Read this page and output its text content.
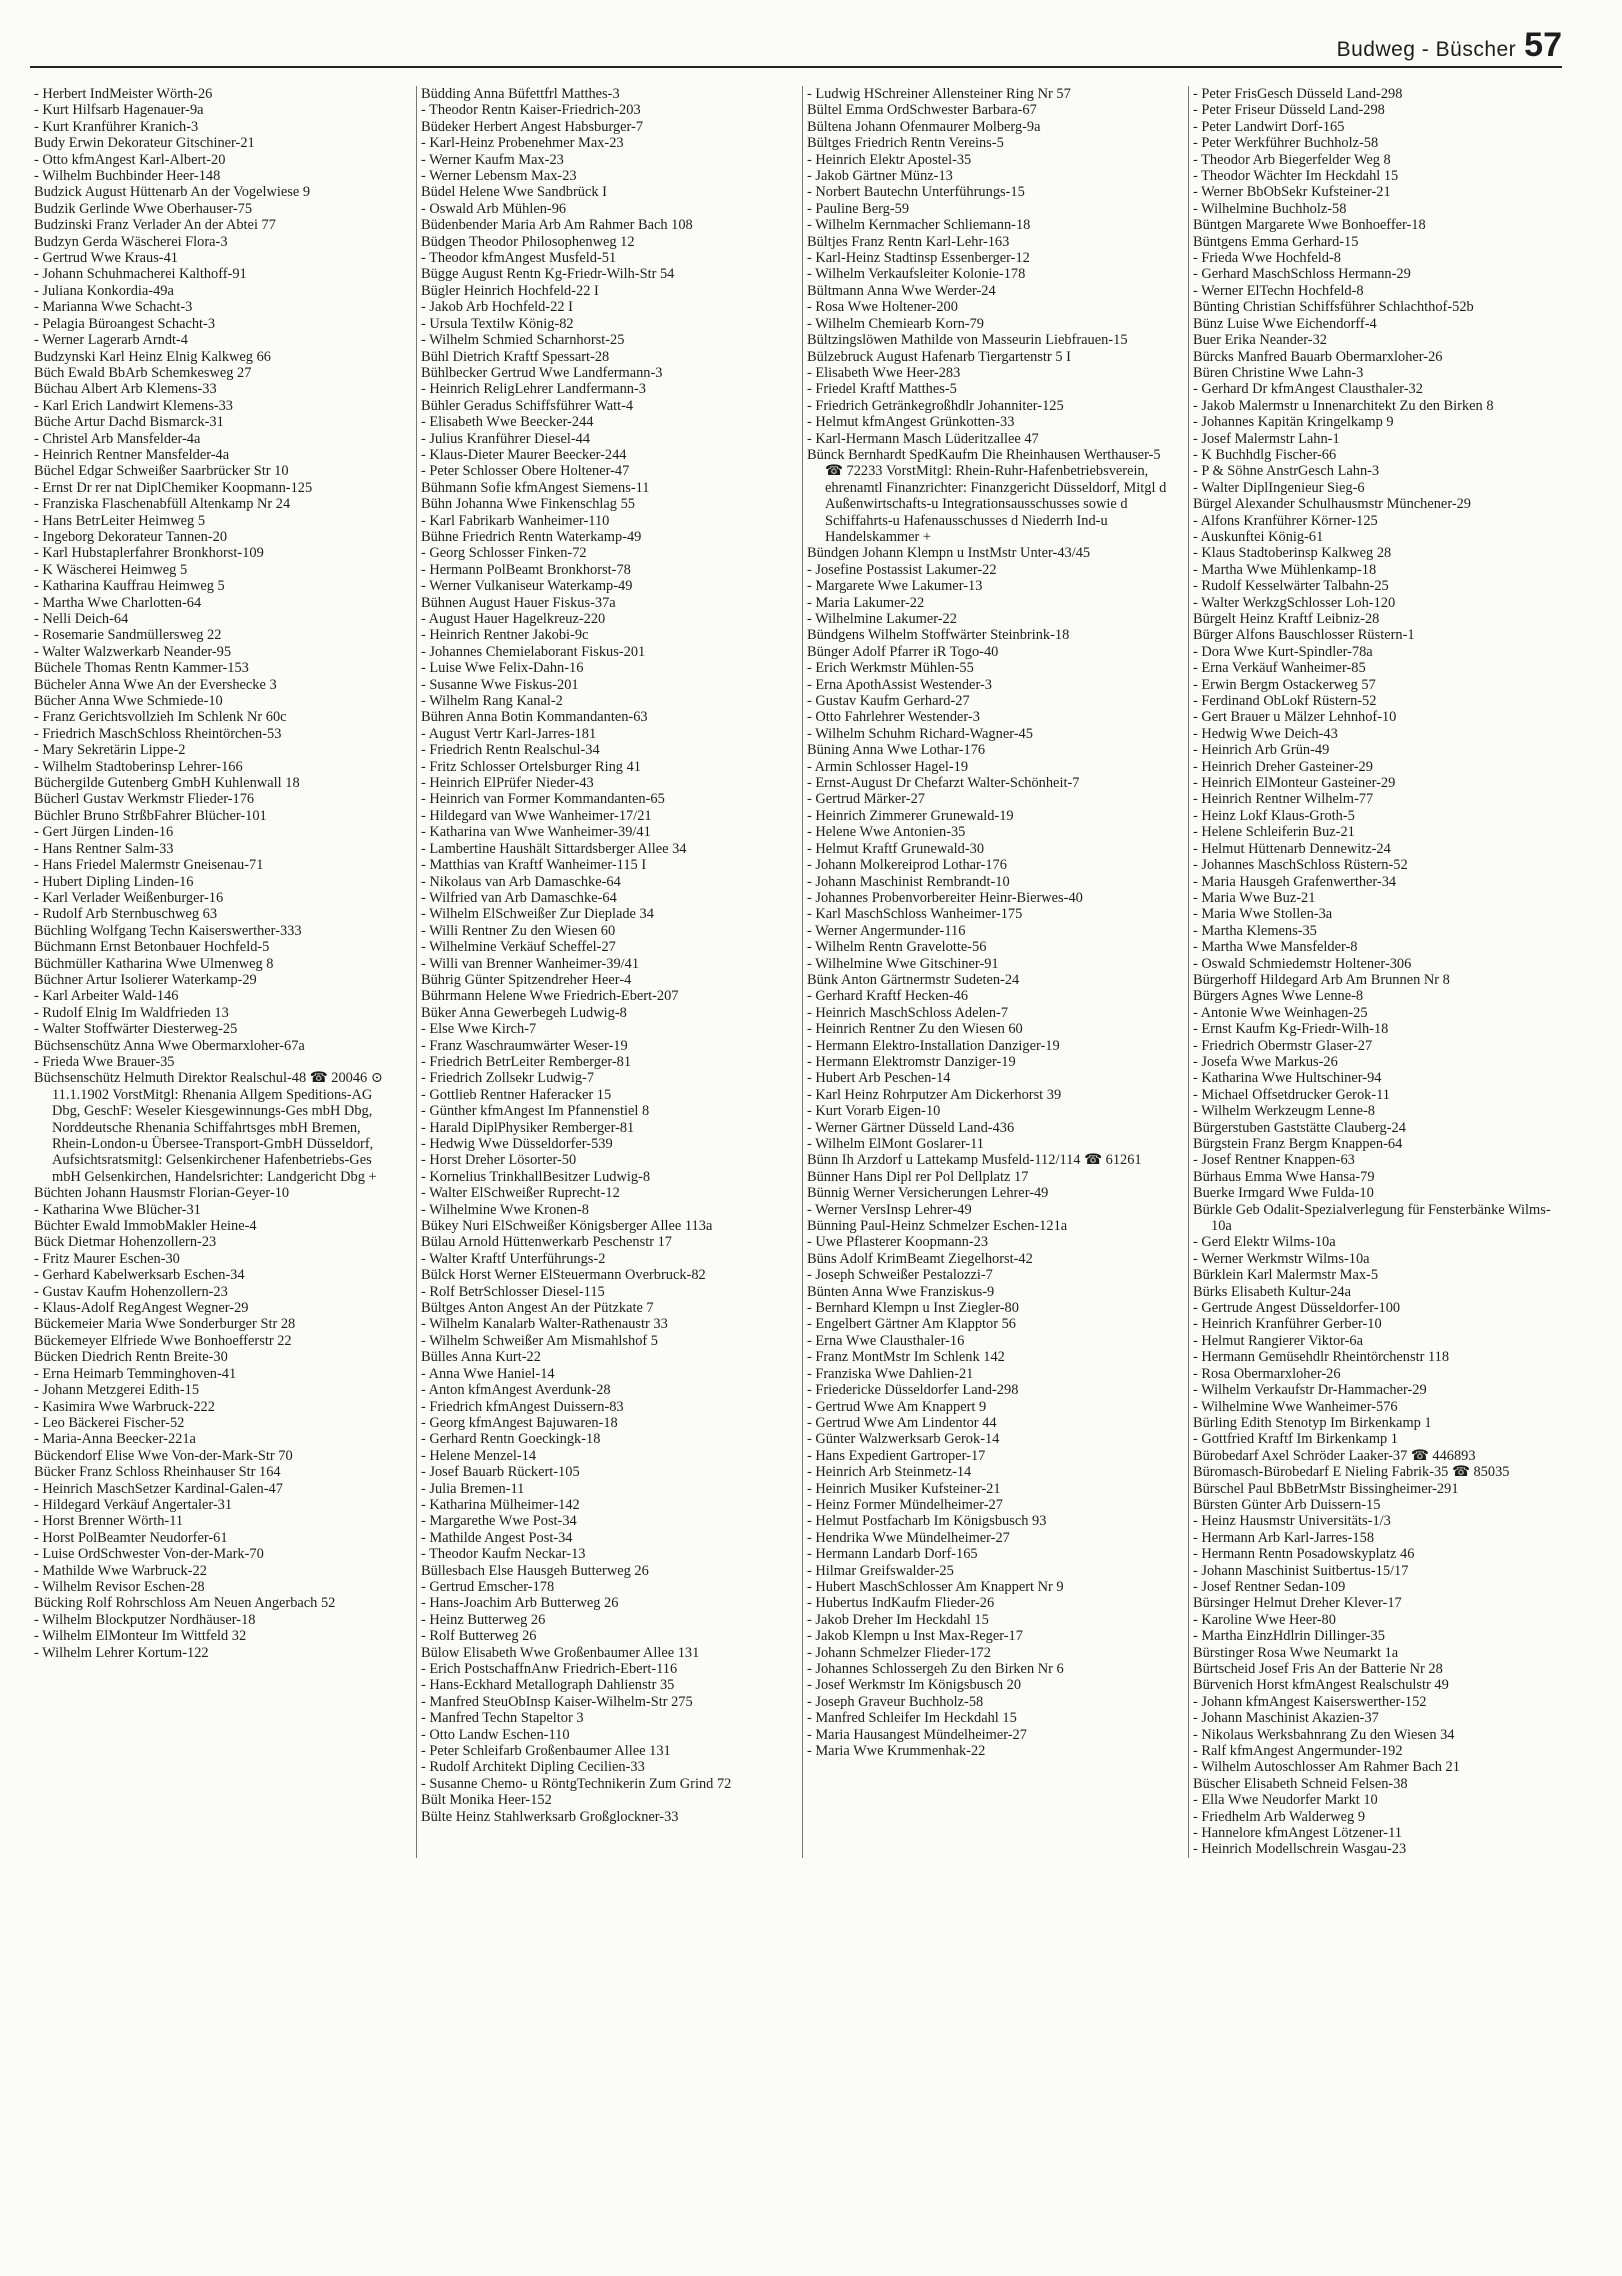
Budweg - Büscher 57
- Herbert IndMeister Wörth-26
- Kurt Hilfsarb Hagenauer-9a
- Kurt Kranführer Kranich-3
Budy Erwin Dekorateur Gitschiner-21
- Otto kfmAngest Karl-Albert-20
- Wilhelm Buchbinder Heer-148
Budzick August Hüttenarb An der Vogelwiese 9
Budzik Gerlinde Wwe Oberhauser-75
Budzinski Franz Verlader An der Abtei 77
Budzyn Gerda Wäscherei Flora-3
- Gertrud Wwe Kraus-41
- Johann Schuhmacherei Kalthoff-91
- Juliana Konkordia-49a
- Marianna Wwe Schacht-3
- Pelagia Büroangest Schacht-3
- Werner Lagerarb Arndt-4
Budzynski Karl Heinz Elnig Kalkweg 66
Büch Ewald BbArb Schemkesweg 27
Büchau Albert Arb Klemens-33
- Karl Erich Landwirt Klemens-33
Büche Artur Dachd Bismarck-31
- Christel Arb Mansfelder-4a
- Heinrich Rentner Mansfelder-4a
Büchel Edgar Schweißer Saarbrücker Str 10
- Ernst Dr rer nat DiplChemiker Koopmann-125
- Franziska Flaschenabfüll Altenkamp Nr 24
- Hans BetrLeiter Heimweg 5
- Ingeborg Dekorateur Tannen-20
- Karl Hubstaplerfahrer Bronkhorst-109
- K Wäscherei Heimweg 5
- Katharina Kauffrau Heimweg 5
- Martha Wwe Charlotten-64
- Nelli Deich-64
- Rosemarie Sandmüllersweg 22
- Walter Walzwerkarb Neander-95
Büchele Thomas Rentn Kammer-153
Bücheler Anna Wwe An der Evershecke 3
Bücher Anna Wwe Schmiede-10
- Franz Gerichtsvollzieh Im Schlenk Nr 60c
- Friedrich MaschSchloss Rheintörchen-53
- Mary Sekretärin Lippe-2
- Wilhelm Stadtoberinsp Lehrer-166
Büchergilde Gutenberg GmbH Kuhlenwall 18
Bücherl Gustav Werkmstr Flieder-176
Büchler Bruno StrßbFahrer Blücher-101
- Gert Jürgen Linden-16
- Hans Rentner Salm-33
- Hans Friedel Malermstr Gneisenau-71
- Hubert Dipling Linden-16
- Karl Verlader Weißenburger-16
- Rudolf Arb Sternbuschweg 63
Büchling Wolfgang Techn Kaiserswerther-333
Büchmann Ernst Betonbauer Hochfeld-5
Büchmüller Katharina Wwe Ulmenweg 8
Büchner Artur Isolierer Waterkamp-29
- Karl Arbeiter Wald-146
- Rudolf Elnig Im Waldfrieden 13
- Walter Stoffwärter Diesterweg-25
Büchsenschütz Anna Wwe Obermarxloher-67a
- Frieda Wwe Brauer-35
Büchsenschütz Helmuth Direktor Realschul-48 ☎ 20046 ⊙ 11.1.1902 VorstMitgl: Rhenania Allgem Speditions-AG Dbg, GeschF: Weseler Kiesgewinnungs-Ges mbH Dbg, Norddeutsche Rhenania Schiffahrtsges mbH Bremen, Rhein-London-u Übersee-Transport-GmbH Düsseldorf, Aufsichtsratsmitgl: Gelsenkirchener Hafenbetriebs-Ges mbH Gelsenkirchen, Handelsrichter: Landgericht Dbg +
Büchten Johann Hausmstr Florian-Geyer-10
- Katharina Wwe Blücher-31
Büchter Ewald ImmobMakler Heine-4
Bück Dietmar Hohenzollern-23
- Fritz Maurer Eschen-30
- Gerhard Kabelwerksarb Eschen-34
- Gustav Kaufm Hohenzollern-23
- Klaus-Adolf RegAngest Wegner-29
Bückemeier Maria Wwe Sonderburger Str 28
Bückemeyer Elfriede Wwe Bonhoefferstr 22
Bücken Diedrich Rentn Breite-30
- Erna Heimarb Temminghoven-41
- Johann Metzgerei Edith-15
- Kasimira Wwe Warbruck-222
- Leo Bäckerei Fischer-52
- Maria-Anna Beecker-221a
Bückendorf Elise Wwe Von-der-Mark-Str 70
Bücker Franz Schloss Rheinhauser Str 164
- Heinrich MaschSetzer Kardinal-Galen-47
- Hildegard Verkäuf Angertaler-31
- Horst Brenner Wörth-11
- Horst PolBeamter Neudorfer-61
- Luise OrdSchwester Von-der-Mark-70
- Mathilde Wwe Warbruck-22
- Wilhelm Revisor Eschen-28
Bücking Rolf Rohrschloss Am Neuen Angerbach 52
- Wilhelm Blockputzer Nordhäuser-18
- Wilhelm ElMonteur Im Wittfeld 32
- Wilhelm Lehrer Kortum-122
Büdding Anna Büfettfrl Matthes-3
- Theodor Rentn Kaiser-Friedrich-203
Büdeker Herbert Angest Habsburger-7
- Karl-Heinz Probenehmer Max-23
- Werner Kaufm Max-23
- Werner Lebensm Max-23
Büdel Helene Wwe Sandbrück I
- Oswald Arb Mühlen-96
Büdenbender Maria Arb Am Rahmer Bach 108
Büdgen Theodor Philosophenweg 12
- Theodor kfmAngest Musfeld-51
Bügge August Rentn Kg-Friedr-Wilh-Str 54
Bügler Heinrich Hochfeld-22 I
- Jakob Arb Hochfeld-22 I
- Ursula Textilw König-82
- Wilhelm Schmied Scharnhorst-25
Bühl Dietrich Kraftf Spessart-28
Bühlbecker Gertrud Wwe Landfermann-3
- Heinrich ReligLehrer Landfermann-3
Bühler Geradus Schiffsführer Watt-4
- Elisabeth Wwe Beecker-244
- Julius Kranführer Diesel-44
- Klaus-Dieter Maurer Beecker-244
- Peter Schlosser Obere Holtener-47
Bühmann Sofie kfmAngest Siemens-11
Bühn Johanna Wwe Finkenschlag 55
- Karl Fabrikarb Wanheimer-110
Bühne Friedrich Rentn Waterkamp-49
- Georg Schlosser Finken-72
- Hermann PolBeamt Bronkhorst-78
- Werner Vulkaniseur Waterkamp-49
Bühnen August Hauer Fiskus-37a
- August Hauer Hagelkreuz-220
- Heinrich Rentner Jakobi-9c
- Johannes Chemielaborant Fiskus-201
- Luise Wwe Felix-Dahn-16
- Susanne Wwe Fiskus-201
- Wilhelm Rang Kanal-2
Bühren Anna Botin Kommandanten-63
- August Vertr Karl-Jarres-181
- Friedrich Rentn Realschul-34
- Fritz Schlosser Ortelsburger Ring 41
- Heinrich ElPrüfer Nieder-43
- Heinrich van Former Kommandanten-65
- Hildegard van Wwe Wanheimer-17/21
- Katharina van Wwe Wanheimer-39/41
- Lambertine Haushält Sittardsberger Allee 34
- Matthias van Kraftf Wanheimer-115 I
- Nikolaus van Arb Damaschke-64
- Wilfried van Arb Damaschke-64
- Wilhelm ElSchweißer Zur Dieplade 34
- Willi Rentner Zu den Wiesen 60
- Wilhelmine Verkäuf Scheffel-27
- Willi van Brenner Wanheimer-39/41
Bührig Günter Spitzendreher Heer-4
Bührmann Helene Wwe Friedrich-Ebert-207
Büker Anna Gewerbegeh Ludwig-8
- Else Wwe Kirch-7
- Franz Waschraumwärter Weser-19
- Friedrich BetrLeiter Remberger-81
- Friedrich Zollsekr Ludwig-7
- Gottlieb Rentner Haferacker 15
- Günther kfmAngest Im Pfannenstiel 8
- Harald DiplPhysiker Remberger-81
- Hedwig Wwe Düsseldorfer-539
- Horst Dreher Lösorter-50
- Kornelius TrinkhallBesitzer Ludwig-8
- Walter ElSchweißer Ruprecht-12
- Wilhelmine Wwe Kronen-8
Bükey Nuri ElSchweißer Königsberger Allee 113a
Bülau Arnold Hüttenwerkarb Peschenstr 17
- Walter Kraftf Unterführungs-2
Bülck Horst Werner ElSteuermann Overbruck-82
- Rolf BetrSchlosser Diesel-115
Bültges Anton Angest An der Pützkate 7
- Wilhelm Kanalarb Walter-Rathenaustr 33
- Wilhelm Schweißer Am Mismahlshof 5
Bülles Anna Kurt-22
- Anna Wwe Haniel-14
- Anton kfmAngest Averdunk-28
- Friedrich kfmAngest Duissern-83
- Georg kfmAngest Bajuwaren-18
- Gerhard Rentn Goeckingk-18
- Helene Menzel-14
- Josef Bauarb Rückert-105
- Julia Bremen-11
- Katharina Mülheimer-142
- Margarethe Wwe Post-34
- Mathilde Angest Post-34
- Theodor Kaufm Neckar-13
Büllesbach Else Hausgeh Butterweg 26
- Gertrud Emscher-178
- Hans-Joachim Arb Butterweg 26
- Heinz Butterweg 26
- Rolf Butterweg 26
Bülow Elisabeth Wwe Großenbaumer Allee 131
- Erich PostschaffnAnw Friedrich-Ebert-116
- Hans-Eckhard Metallograph Dahlienstr 35
- Manfred SteuObInsp Kaiser-Wilhelm-Str 275
- Manfred Techn Stapeltor 3
- Otto Landw Eschen-110
- Peter Schleifarb Großenbaumer Allee 131
- Rudolf Architekt Dipling Cecilien-33
- Susanne Chemo- u RöntgTechnikerin Zum Grind 72
Bült Monika Heer-152
Bülte Heinz Stahlwerksarb Großglockner-33
- Ludwig HSchreiner Allensteiner Ring Nr 57
Bültel Emma OrdSchwester Barbara-67
Bültena Johann Ofenmaurer Molberg-9a
Bültges Friedrich Rentn Vereins-5
- Heinrich Elektr Apostel-35
- Jakob Gärtner Münz-13
- Norbert Bautechn Unterführungs-15
- Pauline Berg-59
- Wilhelm Kernmacher Schliemann-18
Bültjes Franz Rentn Karl-Lehr-163
- Karl-Heinz Stadtinsp Essenberger-12
- Wilhelm Verkaufsleiter Kolonie-178
Bültmann Anna Wwe Werder-24
- Rosa Wwe Holtener-200
- Wilhelm Chemiearb Korn-79
Bültzingslöwen Mathilde von Masseurin Liebfrauen-15
Bülzebruck August Hafenarb Tiergartenstr 5 I
- Elisabeth Wwe Heer-283
- Friedel Kraftf Matthes-5
- Friedrich Getränkegroßhdlr Johanniter-125
- Helmut kfmAngest Grünkotten-33
- Karl-Hermann Masch Lüderitzallee 47
Bünck Bernhardt SpedKaufm Die Rheinhausen Werthauser-5 ☎ 72233 VorstMitgl: Rhein-Ruhr-Hafenbetriebsverein, ehrenamtl Finanzrichter: Finanzgericht Düsseldorf, Mitgl d Außenwirtschafts-u Integrationsausschusses sowie d Schiffahrts-u Hafenausschusses d Niederrh Ind-u Handelskammer +
Bündgen Johann Klempn u InstMstr Unter-43/45
- Josefine Postassist Lakumer-22
- Margarete Wwe Lakumer-13
- Maria Lakumer-22
- Wilhelmine Lakumer-22
Bündgens Wilhelm Stoffwärter Steinbrink-18
Bünger Adolf Pfarrer iR Togo-40
- Erich Werkmstr Mühlen-55
- Erna ApothAssist Westender-3
- Gustav Kaufm Gerhard-27
- Otto Fahrlehrer Westender-3
- Wilhelm Schuhm Richard-Wagner-45
Büning Anna Wwe Lothar-176
- Armin Schlosser Hagel-19
- Ernst-August Dr Chefarzt Walter-Schönheit-7
- Gertrud Märker-27
- Heinrich Zimmerer Grunewald-19
- Helene Wwe Antonien-35
- Helmut Kraftf Grunewald-30
- Johann Molkereiprod Lothar-176
- Johann Maschinist Rembrandt-10
- Johannes Probenvorbereiter Heinr-Bierwes-40
- Karl MaschSchloss Wanheimer-175
- Werner Angermunder-116
- Wilhelm Rentn Gravelotte-56
- Wilhelmine Wwe Gitschiner-91
Bünk Anton Gärtnermstr Sudeten-24
- Gerhard Kraftf Hecken-46
- Heinrich MaschSchloss Adelen-7
- Heinrich Rentner Zu den Wiesen 60
- Hermann Elektro-Installation Danziger-19
- Hermann Elektromstr Danziger-19
- Hubert Arb Peschen-14
- Karl Heinz Rohrputzer Am Dickerhorst 39
- Kurt Vorarb Eigen-10
- Werner Gärtner Düsseld Land-436
- Wilhelm ElMont Goslarer-11
Bünn Ih Arzdorf u Lattekamp Musfeld-112/114 ☎ 61261
Bünner Hans Dipl rer Pol Dellplatz 17
Bünnig Werner Versicherungen Lehrer-49
- Werner VersInsp Lehrer-49
Bünning Paul-Heinz Schmelzer Eschen-121a
- Uwe Pflasterer Koopmann-23
Büns Adolf KrimBeamt Ziegelhorst-42
- Joseph Schweißer Pestalozzi-7
Bünten Anna Wwe Franziskus-9
- Bernhard Klempn u Inst Ziegler-80
- Engelbert Gärtner Am Klapptor 56
- Erna Wwe Clausthaler-16
- Franz MontMstr Im Schlenk 142
- Franziska Wwe Dahlien-21
- Friedericke Düsseldorfer Land-298
- Gertrud Wwe Am Knappert 9
- Gertrud Wwe Am Lindentor 44
- Günter Walzwerksarb Gerok-14
- Hans Expedient Gartroper-17
- Heinrich Arb Steinmetz-14
- Heinrich Musiker Kufsteiner-21
- Heinz Former Mündelheimer-27
- Helmut Postfacharb Im Königsbusch 93
- Hendrika Wwe Mündelheimer-27
- Hermann Landarb Dorf-165
- Hilmar Greifswalder-25
- Hubert MaschSchlosser Am Knappert Nr 9
- Hubertus IndKaufm Flieder-26
- Jakob Dreher Im Heckdahl 15
- Jakob Klempn u Inst Max-Reger-17
- Johann Schmelzer Flieder-172
- Johannes Schlossergeh Zu den Birken Nr 6
- Josef Werkmstr Im Königsbusch 20
- Joseph Graveur Buchholz-58
- Manfred Schleifer Im Heckdahl 15
- Maria Hausangest Mündelheimer-27
- Maria Wwe Krummenhak-22
- Peter FrisGesch Düsseld Land-298
- Peter Friseur Düsseld Land-298
- Peter Landwirt Dorf-165
- Peter Werkführer Buchholz-58
- Theodor Arb Biegerfelder Weg 8
- Theodor Wächter Im Heckdahl 15
- Werner BbObSekr Kufsteiner-21
- Wilhelmine Buchholz-58
Büntgen Margarete Wwe Bonhoeffer-18
Büntgens Emma Gerhard-15
- Frieda Wwe Hochfeld-8
- Gerhard MaschSchloss Hermann-29
- Werner ElTechn Hochfeld-8
Bünting Christian Schiffsführer Schlachthof-52b
Bünz Luise Wwe Eichendorff-4
Buer Erika Neander-32
Bürcks Manfred Bauarb Obermarxloher-26
Büren Christine Wwe Lahn-3
- Gerhard Dr kfmAngest Clausthaler-32
- Jakob Malermstr u Innenarchitekt Zu den Birken 8
- Johannes Kapitän Kringelkamp 9
- Josef Malermstr Lahn-1
- K Buchhdlg Fischer-66
- P & Söhne AnstrGesch Lahn-3
- Walter DiplIngenieur Sieg-6
Bürgel Alexander Schulhausmstr Münchener-29
- Alfons Kranführer Körner-125
- Auskunftei König-61
- Klaus Stadtoberinsp Kalkweg 28
- Martha Wwe Mühlenkamp-18
- Rudolf Kesselwärter Talbahn-25
- Walter WerkzgSchlosser Loh-120
Bürgelt Heinz Kraftf Leibniz-28
Bürger Alfons Bauschlosser Rüstern-1
- Dora Wwe Kurt-Spindler-78a
- Erna Verkäuf Wanheimer-85
- Erwin Bergm Ostackerweg 57
- Ferdinand ObLokf Rüstern-52
- Gert Brauer u Mälzer Lehnhof-10
- Hedwig Wwe Deich-43
- Heinrich Arb Grün-49
- Heinrich Dreher Gasteiner-29
- Heinrich ElMonteur Gasteiner-29
- Heinrich Rentner Wilhelm-77
- Heinz Lokf Klaus-Groth-5
- Helene Schleiferin Buz-21
- Helmut Hüttenarb Dennewitz-24
- Johannes MaschSchloss Rüstern-52
- Maria Hausgeh Grafenwerther-34
- Maria Wwe Buz-21
- Maria Wwe Stollen-3a
- Martha Klemens-35
- Martha Wwe Mansfelder-8
- Oswald Schmiedemstr Holtener-306
Bürgerhoff Hildegard Arb Am Brunnen Nr 8
Bürgers Agnes Wwe Lenne-8
- Antonie Wwe Weinhagen-25
- Ernst Kaufm Kg-Friedr-Wilh-18
- Friedrich Obermstr Glaser-27
- Josefa Wwe Markus-26
- Katharina Wwe Hultschiner-94
- Michael Offsetdrucker Gerok-11
- Wilhelm Werkzeugm Lenne-8
Bürgerstuben Gaststätte Clauberg-24
Bürgstein Franz Bergm Knappen-64
- Josef Rentner Knappen-63
Bürhaus Emma Wwe Hansa-79
Buerke Irmgard Wwe Fulda-10
Bürkle Geb Odalit-Spezialverlegung für Fensterbänke Wilms-10a
- Gerd Elektr Wilms-10a
- Werner Werkmstr Wilms-10a
Bürklein Karl Malermstr Max-5
Bürks Elisabeth Kultur-24a
- Gertrude Angest Düsseldorfer-100
- Heinrich Kranführer Gerber-10
- Helmut Rangierer Viktor-6a
- Hermann Gemüsehdlr Rheintörchenstr 118
- Rosa Obermarxloher-26
- Wilhelm Verkaufstr Dr-Hammacher-29
- Wilhelmine Wwe Wanheimer-576
Bürling Edith Stenotyp Im Birkenkamp 1
- Gottfried Kraftf Im Birkenkamp 1
Bürobedarf Axel Schröder Laaker-37 ☎ 446893
Büromasch-Bürobedarf E Nieling Fabrik-35 ☎ 85035
Bürschel Paul BbBetrMstr Bissingheimer-291
Bürsten Günter Arb Duissern-15
- Heinz Hausmstr Universitäts-1/3
- Hermann Arb Karl-Jarres-158
- Hermann Rentn Posadowskyplatz 46
- Johann Maschinist Suitbertus-15/17
- Josef Rentner Sedan-109
Bürsinger Helmut Dreher Klever-17
- Karoline Wwe Heer-80
- Martha EinzHdlrin Dillinger-35
Bürstinger Rosa Wwe Neumarkt 1a
Bürtscheid Josef Fris An der Batterie Nr 28
Bürvenich Horst kfmAngest Realschulstr 49
- Johann kfmAngest Kaiserswerther-152
- Johann Maschinist Akazien-37
- Nikolaus Werksbahnrang Zu den Wiesen 34
- Ralf kfmAngest Angermunder-192
- Wilhelm Autoschlosser Am Rahmer Bach 21
Büscher Elisabeth Schneid Felsen-38
- Ella Wwe Neudorfer Markt 10
- Friedhelm Arb Walderweg 9
- Hannelore kfmAngest Lötzener-11
- Heinrich Modellschrein Wasgau-23
